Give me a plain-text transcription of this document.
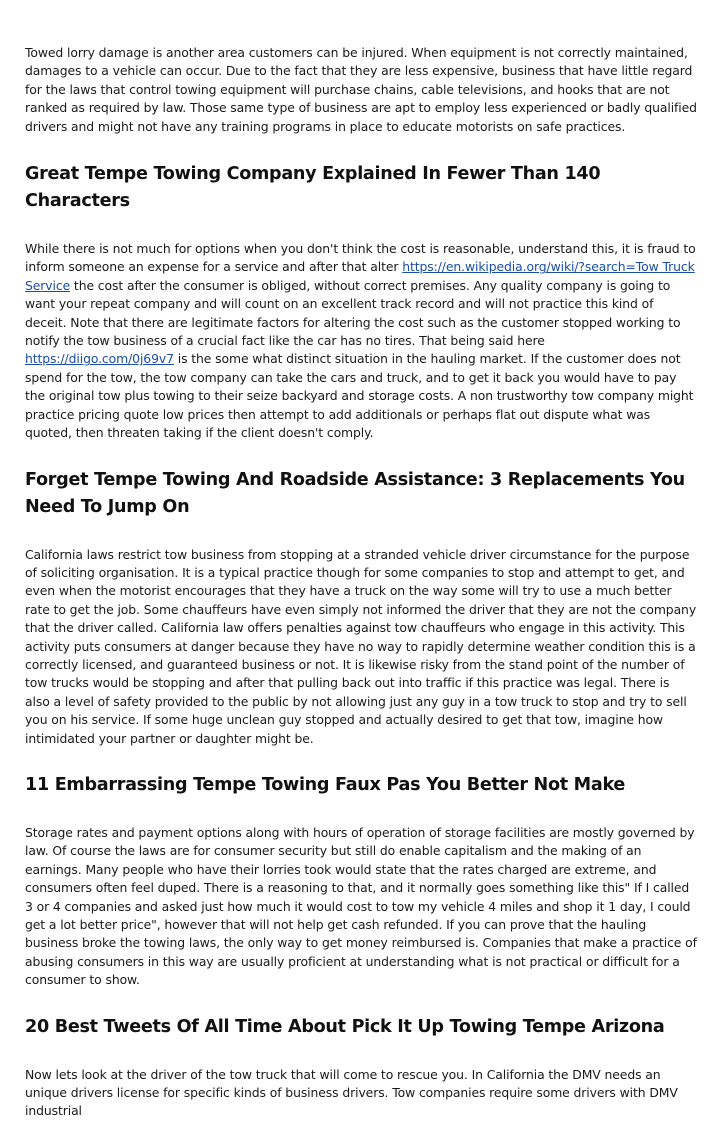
Towed lorry damage is another area customers can be injured. When equipment is not correctly maintained, damages to a vehicle can occur. Due to the fact that they are less expensive, business that have little regard for the laws that control towing equipment will purchase chains, cable televisions, and hooks that are not ranked as required by law. Those same type of business are apt to employ less experienced or badly qualified drivers and might not have any training programs in place to educate motorists on safe practices.

Great Tempe Towing Company Explained In Fewer Than 140 Characters

While there is not much for options when you don't think the cost is reasonable, understand this, it is fraud to inform someone an expense for a service and after that alter https://en.wikipedia.org/wiki/?search=Tow Truck Service the cost after the consumer is obliged, without correct premises. Any quality company is going to want your repeat company and will count on an excellent track record and will not practice this kind of deceit. Note that there are legitimate factors for altering the cost such as the customer stopped working to notify the tow business of a crucial fact like the car has no tires. That being said here https://diigo.com/0j69v7 is the some what distinct situation in the hauling market. If the customer does not spend for the tow, the tow company can take the cars and truck, and to get it back you would have to pay the original tow plus towing to their seize backyard and storage costs. A non trustworthy tow company might practice pricing quote low prices then attempt to add additionals or perhaps flat out dispute what was quoted, then threaten taking if the client doesn't comply.

Forget Tempe Towing And Roadside Assistance: 3 Replacements You Need To Jump On

California laws restrict tow business from stopping at a stranded vehicle driver circumstance for the purpose of soliciting organisation. It is a typical practice though for some companies to stop and attempt to get, and even when the motorist encourages that they have a truck on the way some will try to use a much better rate to get the job. Some chauffeurs have even simply not informed the driver that they are not the company that the driver called. California law offers penalties against tow chauffeurs who engage in this activity. This activity puts consumers at danger because they have no way to rapidly determine weather condition this is a correctly licensed, and guaranteed business or not. It is likewise risky from the stand point of the number of tow trucks would be stopping and after that pulling back out into traffic if this practice was legal. There is also a level of safety provided to the public by not allowing just any guy in a tow truck to stop and try to sell you on his service. If some huge unclean guy stopped and actually desired to get that tow, imagine how intimidated your partner or daughter might be.

11 Embarrassing Tempe Towing Faux Pas You Better Not Make

Storage rates and payment options along with hours of operation of storage facilities are mostly governed by law. Of course the laws are for consumer security but still do enable capitalism and the making of an earnings. Many people who have their lorries took would state that the rates charged are extreme, and consumers often feel duped. There is a reasoning to that, and it normally goes something like this" If I called 3 or 4 companies and asked just how much it would cost to tow my vehicle 4 miles and shop it 1 day, I could get a lot better price", however that will not help get cash refunded. If you can prove that the hauling business broke the towing laws, the only way to get money reimbursed is. Companies that make a practice of abusing consumers in this way are usually proficient at understanding what is not practical or difficult for a consumer to show.

20 Best Tweets Of All Time About Pick It Up Towing Tempe Arizona

Now lets look at the driver of the tow truck that will come to rescue you. In California the DMV needs an unique drivers license for specific kinds of business drivers. Tow companies require some drivers with DMV industrial
